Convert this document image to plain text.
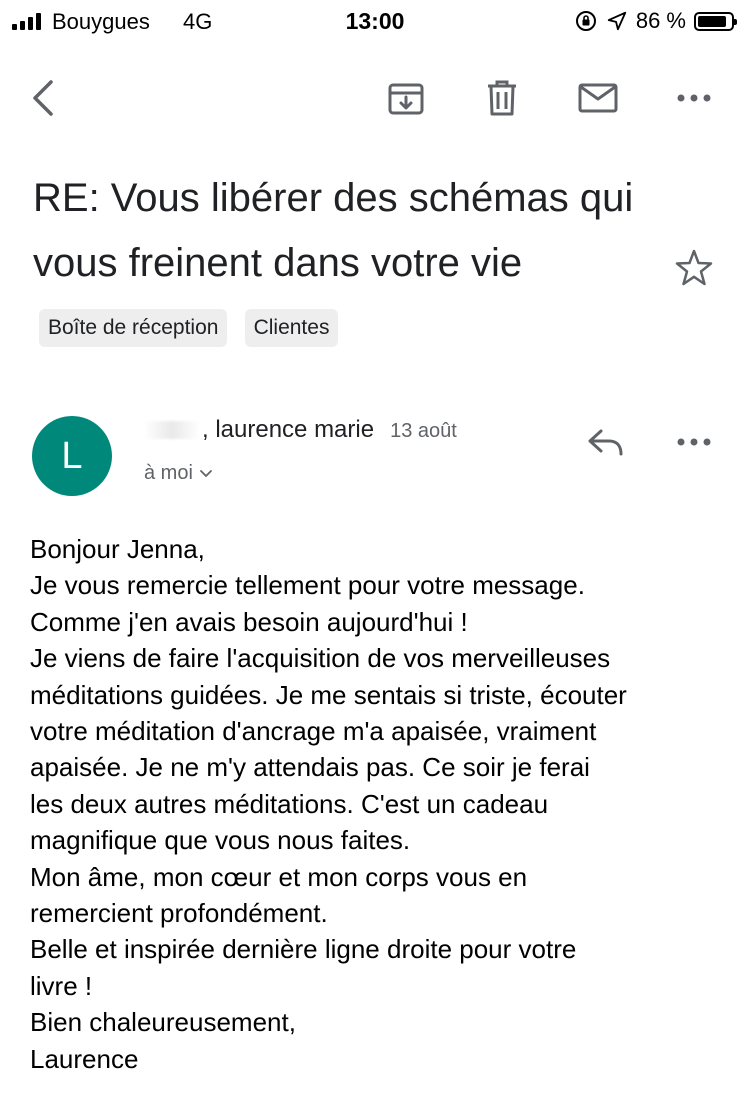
Bouygues 4G	13:00	86 %
RE: Vous libérer des schémas qui vous freinent dans votre vie Boîte de réception Clientes
L
, laurence marie 13 août
à moi
Bonjour Jenna,
Je vous remercie tellement pour votre message.
Comme j'en avais besoin aujourd'hui !
Je viens de faire l'acquisition de vos merveilleuses
méditations guidées. Je me sentais si triste, écouter
votre méditation d'ancrage m'a apaisée, vraiment
apaisée. Je ne m'y attendais pas. Ce soir je ferai
les deux autres méditations. C'est un cadeau
magnifique que vous nous faites.
Mon âme, mon cœur et mon corps vous en
remercient profondément.
Belle et inspirée dernière ligne droite pour votre
livre !
Bien chaleureusement,
Laurence
